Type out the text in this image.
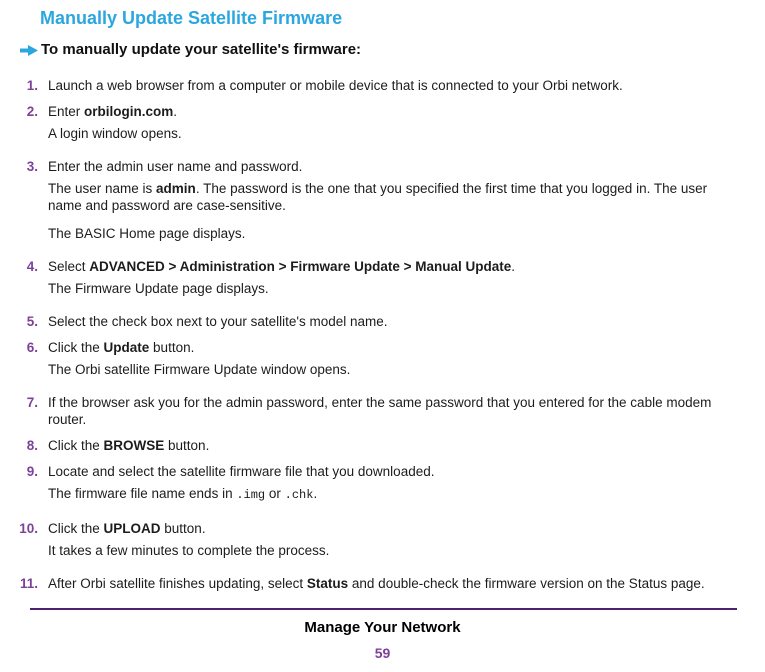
Manually Update Satellite Firmware
To manually update your satellite's firmware:
1. Launch a web browser from a computer or mobile device that is connected to your Orbi network.
2. Enter orbilogin.com.
A login window opens.
3. Enter the admin user name and password.
The user name is admin. The password is the one that you specified the first time that you logged in. The user name and password are case-sensitive.
The BASIC Home page displays.
4. Select ADVANCED > Administration > Firmware Update > Manual Update.
The Firmware Update page displays.
5. Select the check box next to your satellite's model name.
6. Click the Update button.
The Orbi satellite Firmware Update window opens.
7. If the browser ask you for the admin password, enter the same password that you entered for the cable modem router.
8. Click the BROWSE button.
9. Locate and select the satellite firmware file that you downloaded.
The firmware file name ends in .img or .chk.
10. Click the UPLOAD button.
It takes a few minutes to complete the process.
11. After Orbi satellite finishes updating, select Status and double-check the firmware version on the Status page.
Manage Your Network
59
